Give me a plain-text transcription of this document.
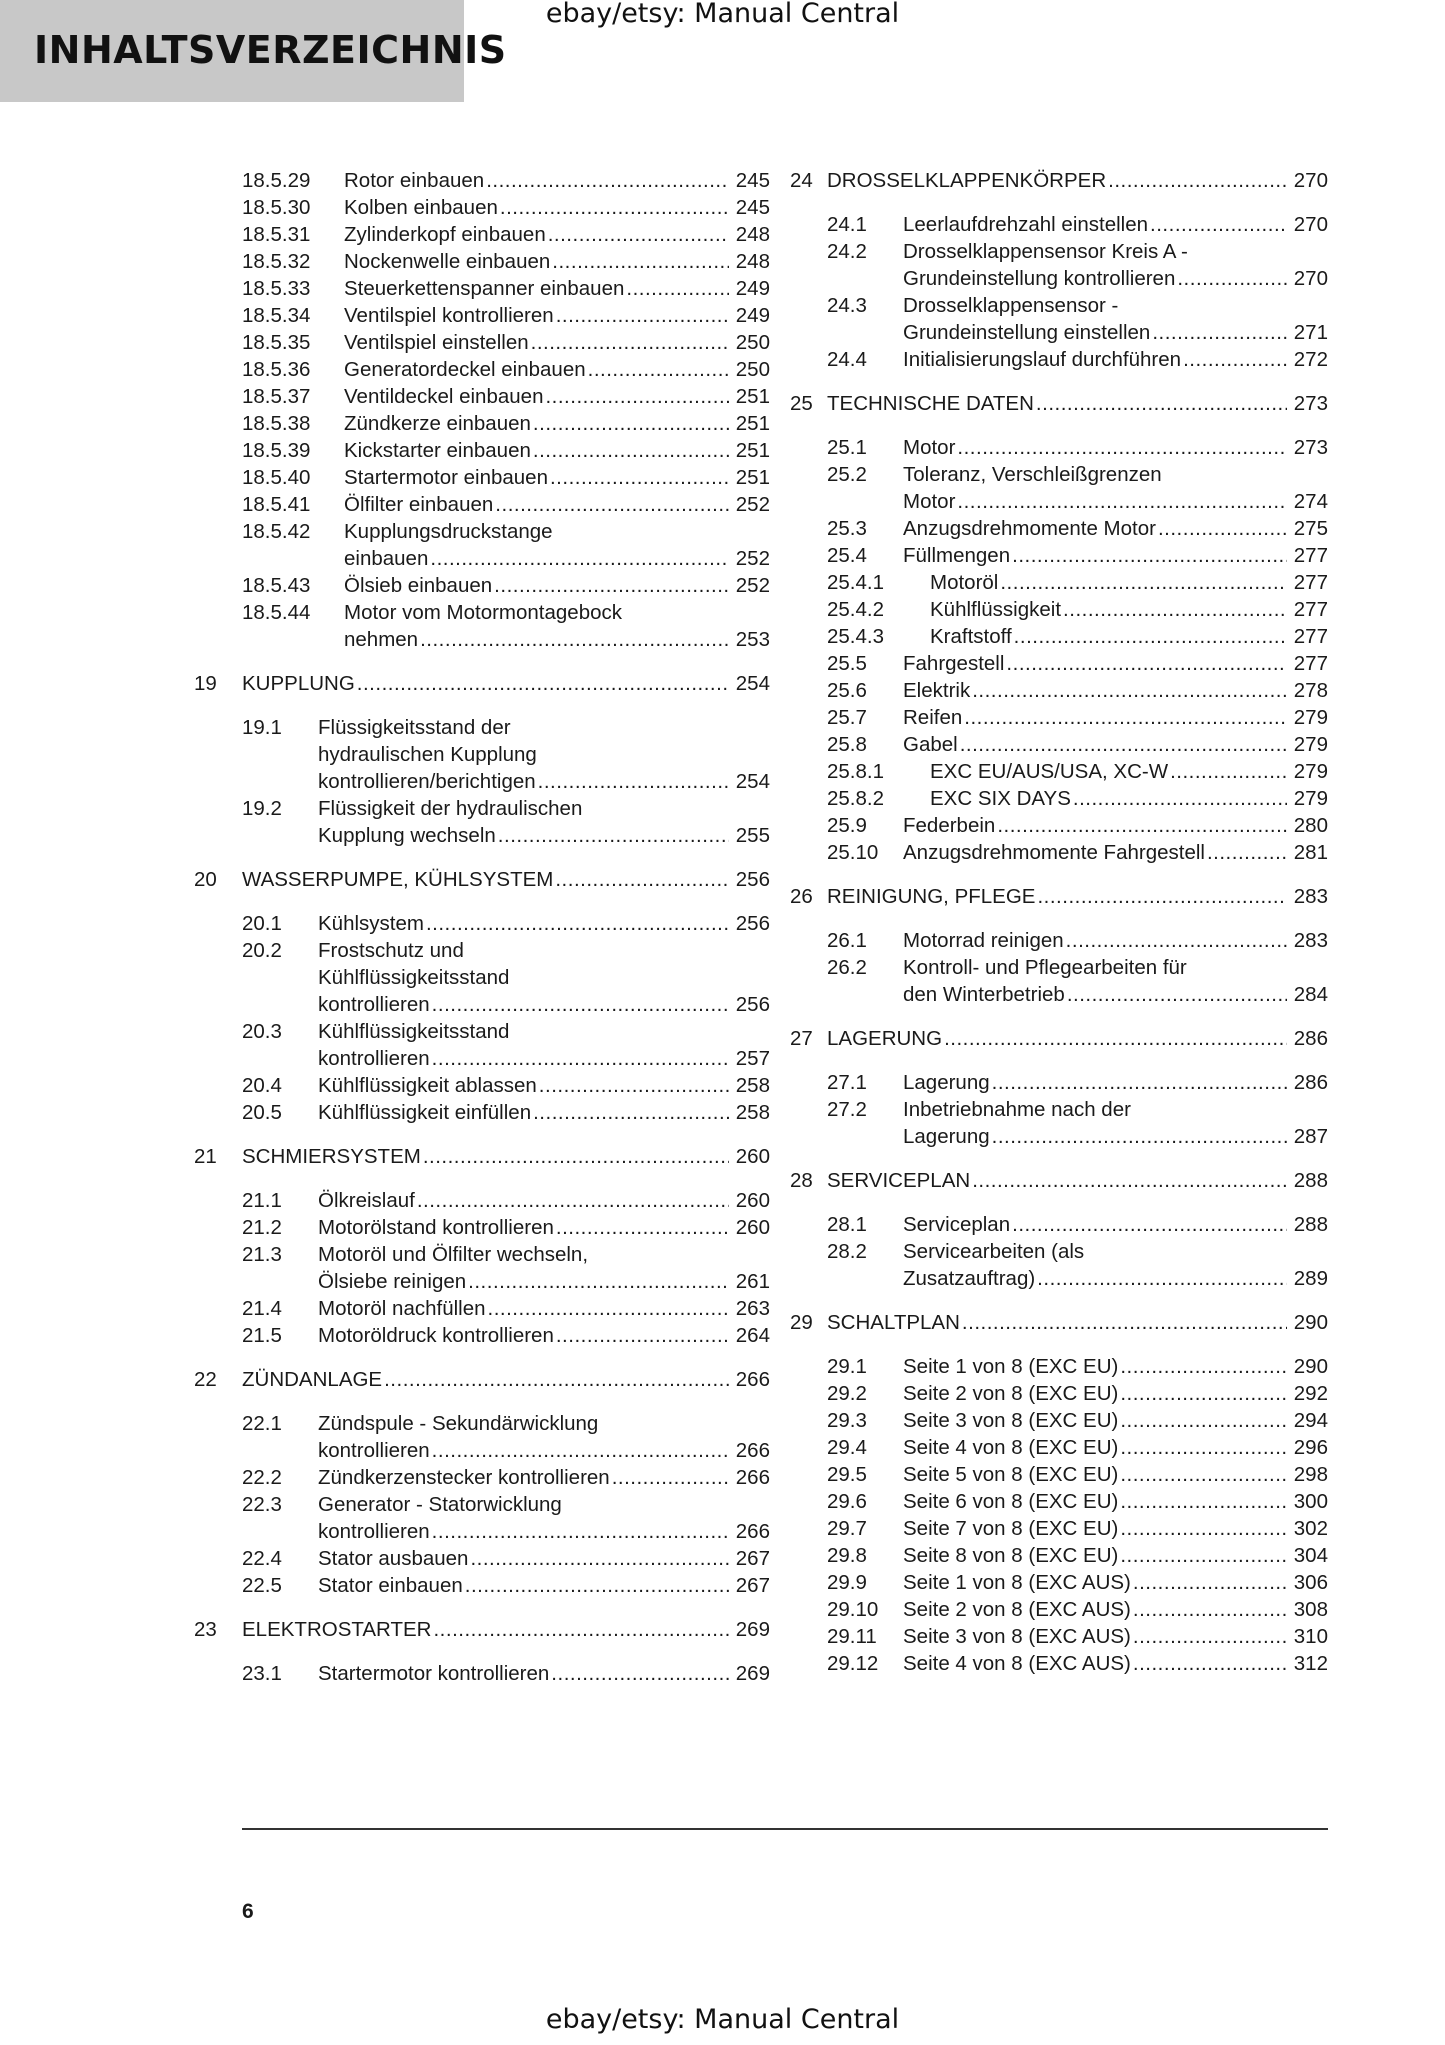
INHALTSVERZEICHNIS
ebay/etsy: Manual Central
18.5.29 Rotor einbauen .....	245
18.5.30 Kolben einbauen .....	245
18.5.31 Zylinderkopf einbauen .....	248
18.5.32 Nockenwelle einbauen .....	248
18.5.33 Steuerkettenspanner einbauen .....	249
18.5.34 Ventilspiel kontrollieren .....	249
18.5.35 Ventilspiel einstellen .....	250
18.5.36 Generatordeckel einbauen .....	250
18.5.37 Ventildeckel einbauen .....	251
18.5.38 Zündkerze einbauen .....	251
18.5.39 Kickstarter einbauen .....	251
18.5.40 Startermotor einbauen .....	251
18.5.41 Ölfilter einbauen .....	252
18.5.42 Kupplungsdruckstange
einbauen .....	252
18.5.43 Ölsieb einbauen .....	252
18.5.44 Motor vom Motormontagebock
nehmen .....	253
19 KUPPLUNG .....	254
19.1 Flüssigkeitsstand der
hydraulischen Kupplung
kontrollieren/berichtigen .....	254
19.2 Flüssigkeit der hydraulischen
Kupplung wechseln .....	255
20 WASSERPUMPE, KÜHLSYSTEM .....	256
20.1 Kühlsystem .....	256
20.2 Frostschutz und
Kühlflüssigkeitsstand
kontrollieren .....	256
20.3 Kühlflüssigkeitsstand
kontrollieren .....	257
20.4 Kühlflüssigkeit ablassen .....	258
20.5 Kühlflüssigkeit einfüllen .....	258
21 SCHMIERSYSTEM .....	260
21.1 Ölkreislauf .....	260
21.2 Motorölstand kontrollieren .....	260
21.3 Motoröl und Ölfilter wechseln,
Ölsiebe reinigen .....	261
21.4 Motoröl nachfüllen .....	263
21.5 Motoröldruck kontrollieren .....	264
22 ZÜNDANLAGE .....	266
22.1 Zündspule - Sekundärwicklung
kontrollieren .....	266
22.2 Zündkerzenstecker kontrollieren .....	266
22.3 Generator - Statorwicklung
kontrollieren .....	266
22.4 Stator ausbauen .....	267
22.5 Stator einbauen .....	267
23 ELEKTROSTARTER .....	269
23.1 Startermotor kontrollieren .....	269
24 DROSSELKLAPPENKÖRPER .....	270
24.1 Leerlaufdrehzahl einstellen .....	270
24.2 Drosselklappensensor Kreis A -
Grundeinstellung kontrollieren .....	270
24.3 Drosselklappensensor -
Grundeinstellung einstellen .....	271
24.4 Initialisierungslauf durchführen .....	272
25 TECHNISCHE DATEN .....	273
25.1 Motor .....	273
25.2 Toleranz, Verschleißgrenzen
Motor .....	274
25.3 Anzugsdrehmomente Motor .....	275
25.4 Füllmengen .....	277
25.4.1 Motoröl .....	277
25.4.2 Kühlflüssigkeit .....	277
25.4.3 Kraftstoff .....	277
25.5 Fahrgestell .....	277
25.6 Elektrik .....	278
25.7 Reifen .....	279
25.8 Gabel .....	279
25.8.1 EXC EU/AUS/USA, XC-W .....	279
25.8.2 EXC SIX DAYS .....	279
25.9 Federbein .....	280
25.10 Anzugsdrehmomente Fahrgestell .....	281
26 REINIGUNG, PFLEGE .....	283
26.1 Motorrad reinigen .....	283
26.2 Kontroll- und Pflegearbeiten für
den Winterbetrieb .....	284
27 LAGERUNG .....	286
27.1 Lagerung .....	286
27.2 Inbetriebnahme nach der
Lagerung .....	287
28 SERVICEPLAN .....	288
28.1 Serviceplan .....	288
28.2 Servicearbeiten (als
Zusatzauftrag) .....	289
29 SCHALTPLAN .....	290
29.1 Seite 1 von 8 (EXC EU) .....	290
29.2 Seite 2 von 8 (EXC EU) .....	292
29.3 Seite 3 von 8 (EXC EU) .....	294
29.4 Seite 4 von 8 (EXC EU) .....	296
29.5 Seite 5 von 8 (EXC EU) .....	298
29.6 Seite 6 von 8 (EXC EU) .....	300
29.7 Seite 7 von 8 (EXC EU) .....	302
29.8 Seite 8 von 8 (EXC EU) .....	304
29.9 Seite 1 von 8 (EXC AUS) .....	306
29.10 Seite 2 von 8 (EXC AUS) .....	308
29.11 Seite 3 von 8 (EXC AUS) .....	310
29.12 Seite 4 von 8 (EXC AUS) .....	312
6
ebay/etsy: Manual Central
